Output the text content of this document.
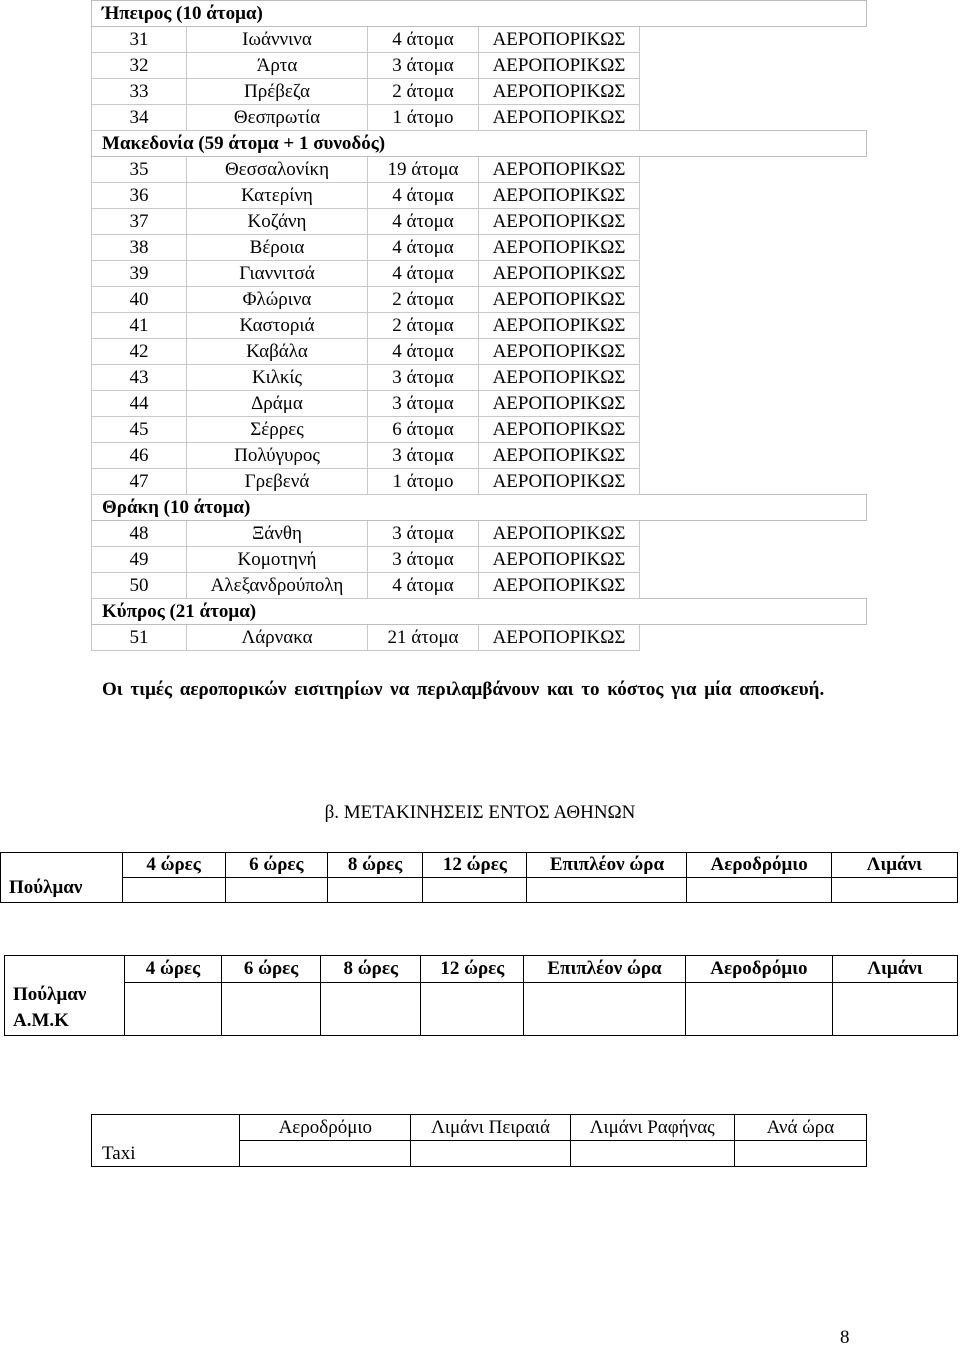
Ήπειρος (10 άτομα)				
31	Ιωάννινα	4 άτομα	ΑΕΡΟΠΟΡΙΚΩΣ	
32	Άρτα	3 άτομα	ΑΕΡΟΠΟΡΙΚΩΣ	
33	Πρέβεζα	2 άτομα	ΑΕΡΟΠΟΡΙΚΩΣ	
34	Θεσπρωτία	1 άτομο	ΑΕΡΟΠΟΡΙΚΩΣ	
Μακεδονία (59 άτομα + 1 συνοδός)				
35	Θεσσαλονίκη	19 άτομα	ΑΕΡΟΠΟΡΙΚΩΣ	
36	Κατερίνη	4 άτομα	ΑΕΡΟΠΟΡΙΚΩΣ	
37	Κοζάνη	4 άτομα	ΑΕΡΟΠΟΡΙΚΩΣ	
38	Βέροια	4 άτομα	ΑΕΡΟΠΟΡΙΚΩΣ	
39	Γιαννιτσά	4 άτομα	ΑΕΡΟΠΟΡΙΚΩΣ	
40	Φλώρινα	2 άτομα	ΑΕΡΟΠΟΡΙΚΩΣ	
41	Καστοριά	2 άτομα	ΑΕΡΟΠΟΡΙΚΩΣ	
42	Καβάλα	4 άτομα	ΑΕΡΟΠΟΡΙΚΩΣ	
43	Κιλκίς	3 άτομα	ΑΕΡΟΠΟΡΙΚΩΣ	
44	Δράμα	3 άτομα	ΑΕΡΟΠΟΡΙΚΩΣ	
45	Σέρρες	6 άτομα	ΑΕΡΟΠΟΡΙΚΩΣ	
46	Πολύγυρος	3 άτομα	ΑΕΡΟΠΟΡΙΚΩΣ	
47	Γρεβενά	1 άτομο	ΑΕΡΟΠΟΡΙΚΩΣ	
Θράκη (10 άτομα)				
48	Ξάνθη	3 άτομα	ΑΕΡΟΠΟΡΙΚΩΣ	
49	Κομοτηνή	3 άτομα	ΑΕΡΟΠΟΡΙΚΩΣ	
50	Αλεξανδρούπολη	4 άτομα	ΑΕΡΟΠΟΡΙΚΩΣ	
Κύπρος (21 άτομα)				
51	Λάρνακα	21 άτομα	ΑΕΡΟΠΟΡΙΚΩΣ	
Οι τιμές αεροπορικών εισιτηρίων να περιλαμβάνουν και το κόστος για μία αποσκευή.
β. ΜΕΤΑΚΙΝΗΣΕΙΣ ΕΝΤΟΣ ΑΘΗΝΩΝ
Πούλμαν	4 ώρες	6 ώρες	8 ώρες	12 ώρες	Επιπλέον ώρα	Αεροδρόμιο	Λιμάνι

Πούλμαν
Α.Μ.Κ	4 ώρες	6 ώρες	8 ώρες	12 ώρες	Επιπλέον ώρα	Αεροδρόμιο	Λιμάνι

Taxi	Αεροδρόμιο	Λιμάνι Πειραιά	Λιμάνι Ραφήνας	Ανά ώρα

8
